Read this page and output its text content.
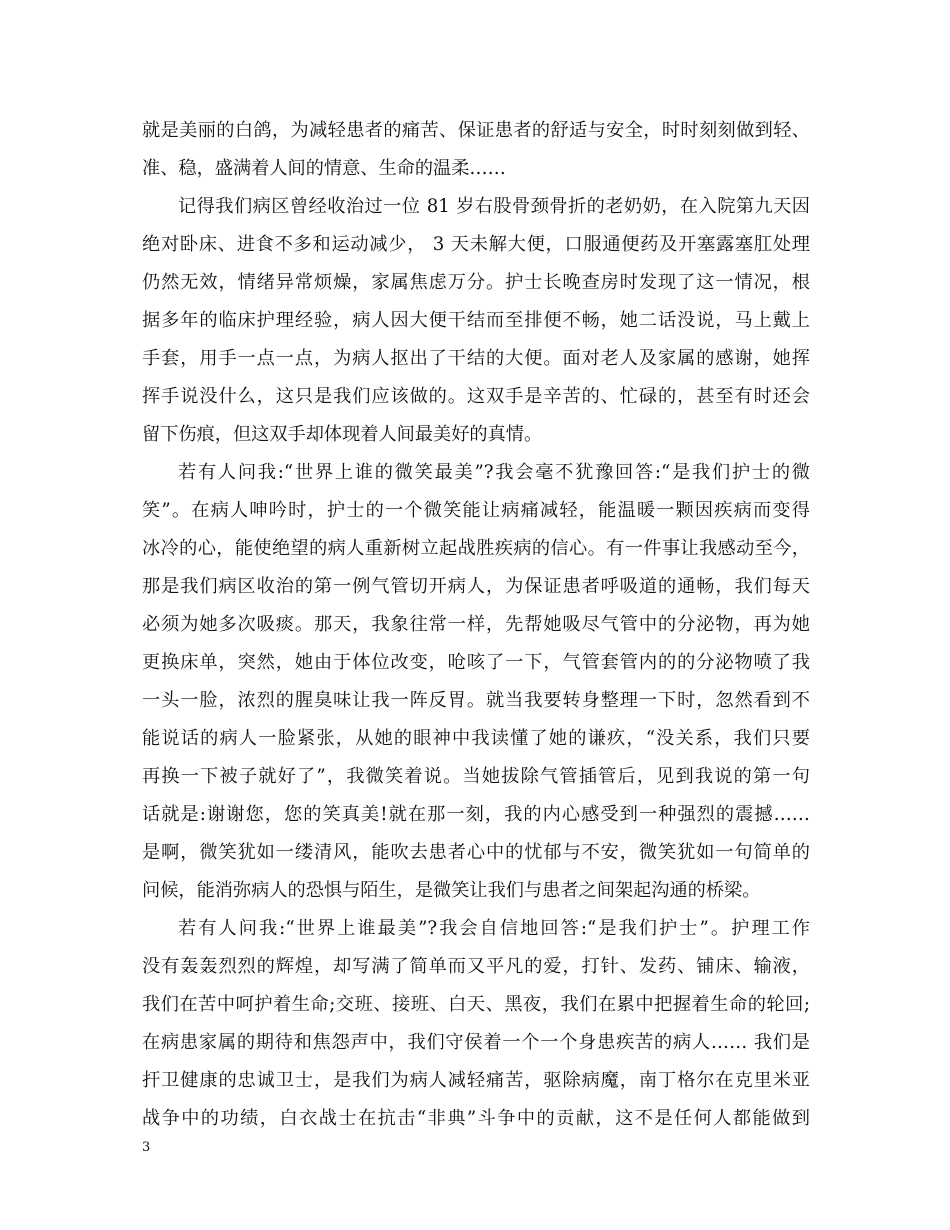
就是美丽的白鸽，为减轻患者的痛苦、保证患者的舒适与安全，时时刻刻做到轻、
准、稳，盛满着人间的情意、生命的温柔……
记得我们病区曾经收治过一位 81 岁右股骨颈骨折的老奶奶，在入院第九天因
绝对卧床、进食不多和运动减少， 3 天未解大便，口服通便药及开塞露塞肛处理
仍然无效，情绪异常烦燥，家属焦虑万分。护士长晚查房时发现了这一情况，根
据多年的临床护理经验，病人因大便干结而至排便不畅，她二话没说，马上戴上
手套，用手一点一点，为病人抠出了干结的大便。面对老人及家属的感谢，她挥
挥手说没什么，这只是我们应该做的。这双手是辛苦的、忙碌的，甚至有时还会
留下伤痕，但这双手却体现着人间最美好的真情。
若有人问我:“世界上谁的微笑最美”?我会毫不犹豫回答:“是我们护士的微
笑”。在病人呻吟时，护士的一个微笑能让病痛减轻，能温暖一颗因疾病而变得
冰冷的心，能使绝望的病人重新树立起战胜疾病的信心。有一件事让我感动至今，
那是我们病区收治的第一例气管切开病人，为保证患者呼吸道的通畅，我们每天
必须为她多次吸痰。那天，我象往常一样，先帮她吸尽气管中的分泌物，再为她
更换床单，突然，她由于体位改变，呛咳了一下，气管套管内的的分泌物喷了我
一头一脸，浓烈的腥臭味让我一阵反胃。就当我要转身整理一下时，忽然看到不
能说话的病人一脸紧张，从她的眼神中我读懂了她的谦疚，“没关系，我们只要
再换一下被子就好了”，我微笑着说。当她拔除气管插管后，见到我说的第一句
话就是:谢谢您，您的笑真美!就在那一刻，我的内心感受到一种强烈的震撼……
是啊，微笑犹如一缕清风，能吹去患者心中的忧郁与不安，微笑犹如一句简单的
问候，能消弥病人的恐惧与陌生，是微笑让我们与患者之间架起沟通的桥梁。
若有人问我:“世界上谁最美”?我会自信地回答:“是我们护士”。护理工作
没有轰轰烈烈的辉煌，却写满了简单而又平凡的爱，打针、发药、铺床、输液，
我们在苦中呵护着生命;交班、接班、白天、黑夜，我们在累中把握着生命的轮回;
在病患家属的期待和焦怨声中，我们守侯着一个一个身患疾苦的病人…… 我们是
扞卫健康的忠诚卫士，是我们为病人减轻痛苦，驱除病魔，南丁格尔在克里米亚
战争中的功绩，白衣战士在抗击“非典”斗争中的贡献，这不是任何人都能做到
3
